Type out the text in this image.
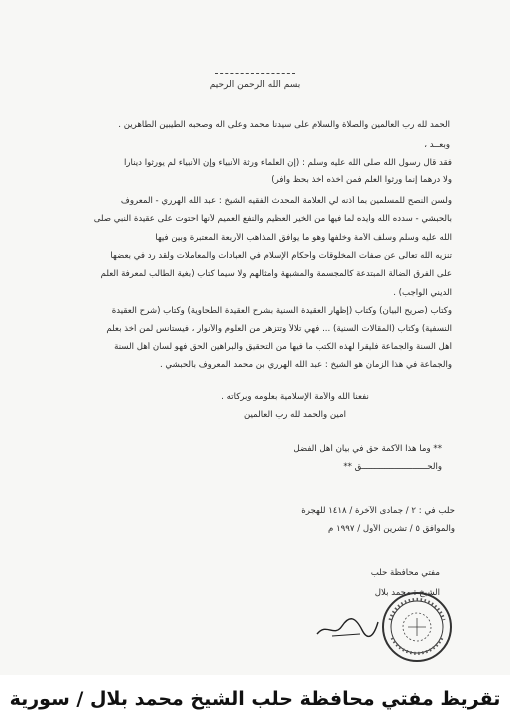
بسم الله الرحمن الرحيم
الحمد لله رب العالمين والصلاة والسلام على سيدنا محمد وعلى آله وصحبه الطيبين الطاهرين .
وبعــد ،
فقد قال رسول الله صلى الله عليه وسلم : (إن العلماء ورثة الأنبياء وإن الأنبياء لم يورثوا دينارا
ولا درهما إنما ورثوا العلم فمن أخذه أخذ بحظ وافر)
ولسن النصح للمسلمين بما أذنه لي العلامة المحدث الفقيه الشيخ : عبد الله الهرري - المعروف
بالحبشي - سدده الله وأيده لما فيها من الخير العظيم والنفع العميم لأنها احتوت على عقيدة النبي صلى
الله عليه وسلم وسلف الأمة وخلفها وهو ما يوافق المذاهب الأربعة المعتبرة وبين فيها
تنزيه الله تعالى عن صفات المخلوقات وأحكام الإسلام في العبادات والمعاملات ولقد رد في بعضها
على الفرق الضالة المبتدعة كالمجسمة والمشبهة وأمثالهم ولا سيما كتاب (بغية الطالب لمعرفة العلم
الديني الواجب) .
وكتاب (صريح البيان) وكتاب (إظهار العقيدة السنية بشرح العقيدة الطحاوية) وكتاب (شرح العقيدة
النسفية) وكتاب (المقالات السنية) ... فهي تلالأ وتتزهر من العلوم والأنوار ، فيستأنس لمن أخذ بعلم
أهل السنة والجماعة فليقرأ لهذه الكتب ما فيها من التحقيق والبراهين الحق فهو لسان أهل السنة
والجماعة في هذا الزمان هو الشيخ : عبد الله الهرري بن محمد المعروف بالحبشي .
نفعنا الله والأمة الإسلامية بعلومه وبركاته .
آمين والحمد لله رب العالمين
** وما هذا الأكمة حق في بيان أهل الفضل
والحــــــــــــــــــــــــــق **
حلب في : ٢ / جمادى الآخرة / ١٤١٨ للهجرة
والموافق ٥ / تشرين الأول / ١٩٩٧ م
مفتي محافظة حلب
الشيخ : محمد بلال
تقريظ مفتي محافظة حلب الشيخ محمد بلال / سورية
